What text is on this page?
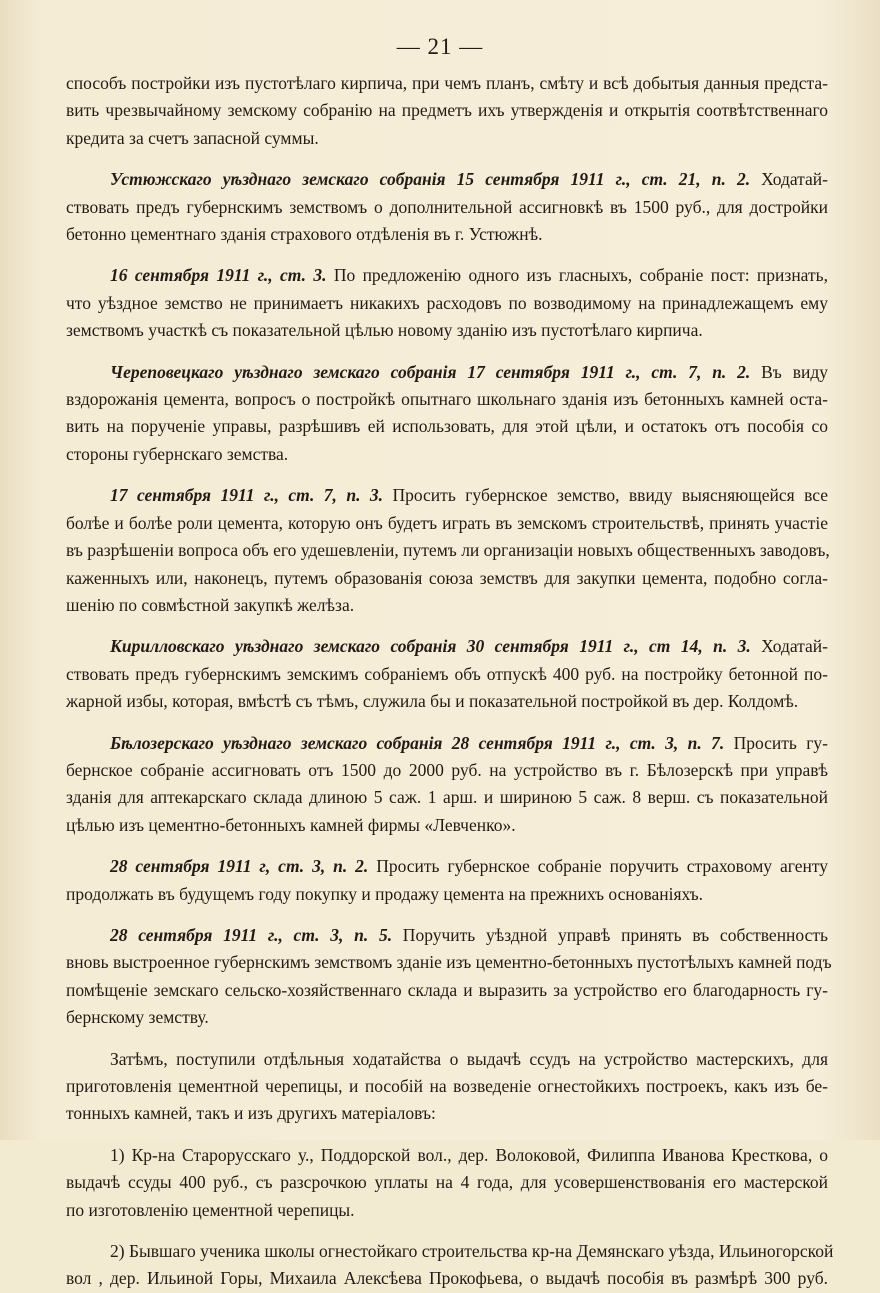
— 21 —
способъ постройки изъ пустотѣлаго кирпича, при чемъ планъ, смѣту и всѣ добытыя данныя предста-
вить чрезвычайному земскому собранію на предметъ ихъ утвержденія и открытія соотвѣтственнаго
кредита за счетъ запасной суммы.
Устюжскаго уѣзднаго земскаго собранія 15 сентября 1911 г., ст. 21, п. 2. Ходатай-
ствовать предъ губернскимъ земствомъ о дополнительной ассигновкѣ въ 1500 руб., для достройки
бетонно цементнаго зданія страхового отдѣленія въ г. Устюжнѣ.
16 сентября 1911 г., ст. 3. По предложенію одного изъ гласныхъ, собраніе пост: признать,
что уѣздное земство не принимаетъ никакихъ расходовъ по возводимому на принадлежащемъ ему
земствомъ участкѣ съ показательной цѣлью новому зданію изъ пустотѣлаго кирпича.
Череповецкаго уѣзднаго земскаго собранія 17 сентября 1911 г., ст. 7, п. 2. Въ виду
вздорожанія цемента, вопросъ о постройкѣ опытнаго школьнаго зданія изъ бетонныхъ камней оста-
вить на порученіе управы, разрѣшивъ ей использовать, для этой цѣли, и остатокъ отъ пособія со
стороны губернскаго земства.
17 сентября 1911 г., ст. 7, п. 3. Просить губернское земство, ввиду выясняющейся все
болѣе и болѣе роли цемента, которую онъ будетъ играть въ земскомъ строительствѣ, принять участіе
въ разрѣшеніи вопроса объ его удешевленіи, путемъ ли организаціи новыхъ общественныхъ заводовъ,
каженныхъ или, наконецъ, путемъ образованія союза земствъ для закупки цемента, подобно согла-
шенію по совмѣстной закупкѣ желѣза.
Кирилловскаго уѣзднаго земскаго собранія 30 сентября 1911 г., ст 14, п. 3. Ходатай-
ствовать предъ губернскимъ земскимъ собраніемъ объ отпускѣ 400 руб. на постройку бетонной по-
жарной избы, которая, вмѣстѣ съ тѣмъ, служила бы и показательной постройкой въ дер. Колдомѣ.
Бѣлозерскаго уѣзднаго земскаго собранія 28 сентября 1911 г., ст. 3, п. 7. Просить гу-
бернское собраніе ассигновать отъ 1500 до 2000 руб. на устройство въ г. Бѣлозерскѣ при управѣ
зданія для аптекарскаго склада длиною 5 саж. 1 арш. и шириною 5 саж. 8 верш. съ показательной
цѣлью изъ цементно-бетонныхъ камней фирмы «Левченко».
28 сентября 1911 г, ст. 3, п. 2. Просить губернское собраніе поручить страховому агенту
продолжать въ будущемъ году покупку и продажу цемента на прежнихъ основаніяхъ.
28 сентября 1911 г., ст. 3, п. 5. Поручить уѣздной управѣ принять въ собственность
вновь выстроенное губернскимъ земствомъ зданіе изъ цементно-бетонныхъ пустотѣлыхъ камней подъ
помѣщеніе земскаго сельско-хозяйственнаго склада и выразить за устройство его благодарность гу-
бернскому земству.
Затѣмъ, поступили отдѣльныя ходатайства о выдачѣ ссудъ на устройство мастерскихъ, для
приготовленія цементной черепицы, и пособій на возведеніе огнестойкихъ построекъ, какъ изъ бе-
тонныхъ камней, такъ и изъ другихъ матеріаловъ:
1) Кр-на Старорусскаго у., Поддорской вол., дер. Волоковой, Филиппа Иванова Крестковa, о
выдачѣ ссуды 400 руб., съ разсрочкою уплаты на 4 года, для усовершенствованія его мастерской
по изготовленію цементной черепицы.
2) Бывшаго ученика школы огнестойкаго строительства кр-на Демянскаго уѣзда, Ильиногорской
вол , дер. Ильиной Горы, Михаила Алексѣева Прокофьева, о выдачѣ пособія въ размѣрѣ 300 руб.
